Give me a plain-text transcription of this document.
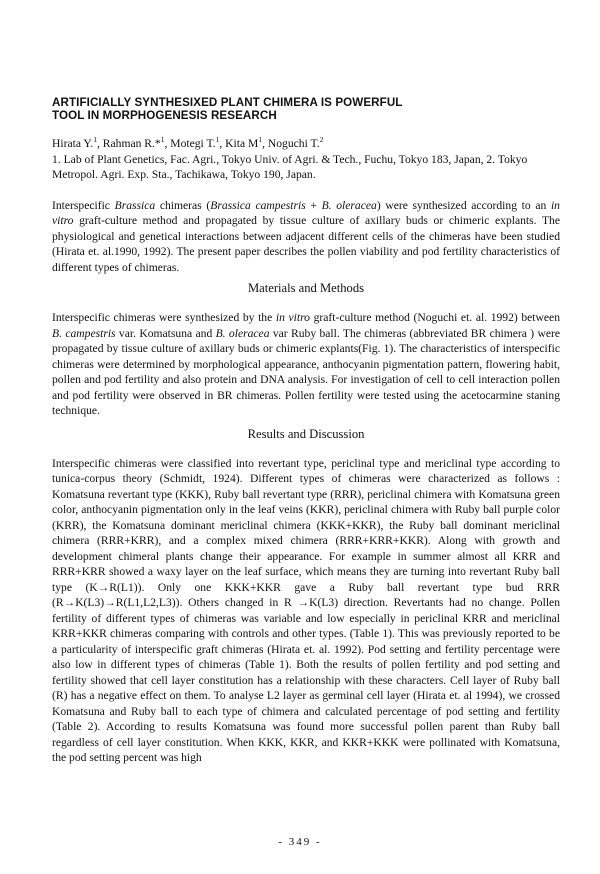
ARTIFICIALLY SYNTHESIXED PLANT CHIMERA IS POWERFUL
TOOL IN MORPHOGENESIS RESEARCH
Hirata Y.$^1$, Rahman R.*$^1$, Motegi T.$^1$, Kita $M^1$, Noguchi T.$^2$
1. Lab of Plant Genetics, Fac. Agri., Tokyo Univ. of Agri. & Tech., Fuchu, Tokyo 183, Japan, 2. Tokyo Metropol. Agri. Exp. Sta., Tachikawa, Tokyo 190, Japan.

Interspecific Brassica chimeras (Brassica campestris + B. oleracea) were synthesized according to an in vitro graft-culture method and propagated by tissue culture of axillary buds or chimeric explants. The physiological and genetical interactions between adjacent different cells of the chimeras have been studied (Hirata et. al.1990, 1992). The present paper describes the pollen viability and pod fertility characteristics of different types of chimeras.

Materials and Methods

Interspecific chimeras were synthesized by the in vitro graft-culture method (Noguchi et. al. 1992) between B. campestris var. Komatsuna and B. oleracea var Ruby ball. The chimeras (abbreviated BR chimera ) were propagated by tissue culture of axillary buds or chimeric explants(Fig. 1). The characteristics of interspecific chimeras were determined by morphological appearance, anthocyanin pigmentation pattern, flowering habit, pollen and pod fertility and also protein and DNA analysis. For investigation of cell to cell interaction pollen and pod fertility were observed in BR chimeras. Pollen fertility were tested using the acetocarmine staning technique.

Results and Discussion

Interspecific chimeras were classified into revertant type, periclinal type and mericlinal type according to tunica-corpus theory (Schmidt, 1924). Different types of chimeras were characterized as follows : Komatsuna revertant type (KKK), Ruby ball revertant type (RRR), periclinal chimera with Komatsuna green color, anthocyanin pigmentation only in the leaf veins (KKR), periclinal chimera with Ruby ball purple color (KRR), the Komatsuna dominant mericlinal chimera (KKK+KKR), the Ruby ball dominant mericlinal chimera (RRR+KRR), and a complex mixed chimera (RRR+KRR+KKR). Along with growth and development chimeral plants change their appearance. For example in summer almost all KRR and RRR+KRR showed a waxy layer on the leaf surface, which means they are turning into revertant Ruby ball type (K→R(L1)). Only one KKK+KKR gave a Ruby ball revertant type bud RRR (R→K(L3)→R(L1,L2,L3)). Others changed in R →K(L3) direction. Revertants had no change. Pollen fertility of different types of chimeras was variable and low especially in periclinal KRR and mericlinal KRR+KKR chimeras comparing with controls and other types. (Table 1). This was previously reported to be a particularity of interspecific graft chimeras (Hirata et. al. 1992). Pod setting and fertility percentage were also low in different types of chimeras (Table 1). Both the results of pollen fertility and pod setting and fertility showed that cell layer constitution has a relationship with these characters. Cell layer of Ruby ball (R) has a negative effect on them. To analyse L2 layer as germinal cell layer (Hirata et. al 1994), we crossed Komatsuna and Ruby ball to each type of chimera and calculated percentage of pod setting and fertility (Table 2). According to results Komatsuna was found more successful pollen parent than Ruby ball regardless of cell layer constitution. When KKK, KKR, and KKR+KKK were pollinated with Komatsuna, the pod setting percent was high

- 349 -
